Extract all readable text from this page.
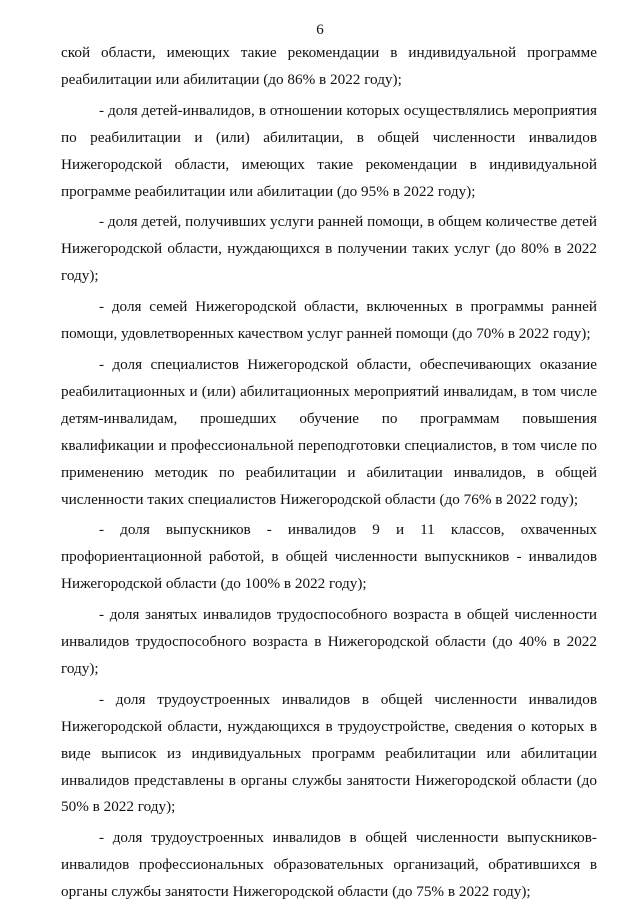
6

ской области, имеющих такие рекомендации в индивидуальной программе реабилитации или абилитации (до 86% в 2022 году);

- доля детей-инвалидов, в отношении которых осуществлялись мероприятия по реабилитации и (или) абилитации, в общей численности инвалидов Нижегородской области, имеющих такие рекомендации в индивидуальной программе реабилитации или абилитации (до 95% в 2022 году);

- доля детей, получивших услуги ранней помощи, в общем количестве детей Нижегородской области, нуждающихся в получении таких услуг (до 80% в 2022 году);

- доля семей Нижегородской области, включенных в программы ранней помощи, удовлетворенных качеством услуг ранней помощи (до 70% в 2022 году);

- доля специалистов Нижегородской области, обеспечивающих оказание реабилитационных и (или) абилитационных мероприятий инвалидам, в том числе детям-инвалидам, прошедших обучение по программам повышения квалификации и профессиональной переподготовки специалистов, в том числе по применению методик по реабилитации и абилитации инвалидов, в общей численности таких специалистов Нижегородской области (до 76% в 2022 году);

- доля выпускников - инвалидов 9 и 11 классов, охваченных профориентационной работой, в общей численности выпускников - инвалидов Нижегородской области (до 100% в 2022 году);

- доля занятых инвалидов трудоспособного возраста в общей численности инвалидов трудоспособного возраста в Нижегородской области (до 40% в 2022 году);

- доля трудоустроенных инвалидов в общей численности инвалидов Нижегородской области, нуждающихся в трудоустройстве, сведения о которых в виде выписок из индивидуальных программ реабилитации или абилитации инвалидов представлены в органы службы занятости Нижегородской области (до 50% в 2022 году);

- доля трудоустроенных инвалидов в общей численности выпускников-инвалидов профессиональных образовательных организаций, обратившихся в органы службы занятости Нижегородской области (до 75% в 2022 году);
